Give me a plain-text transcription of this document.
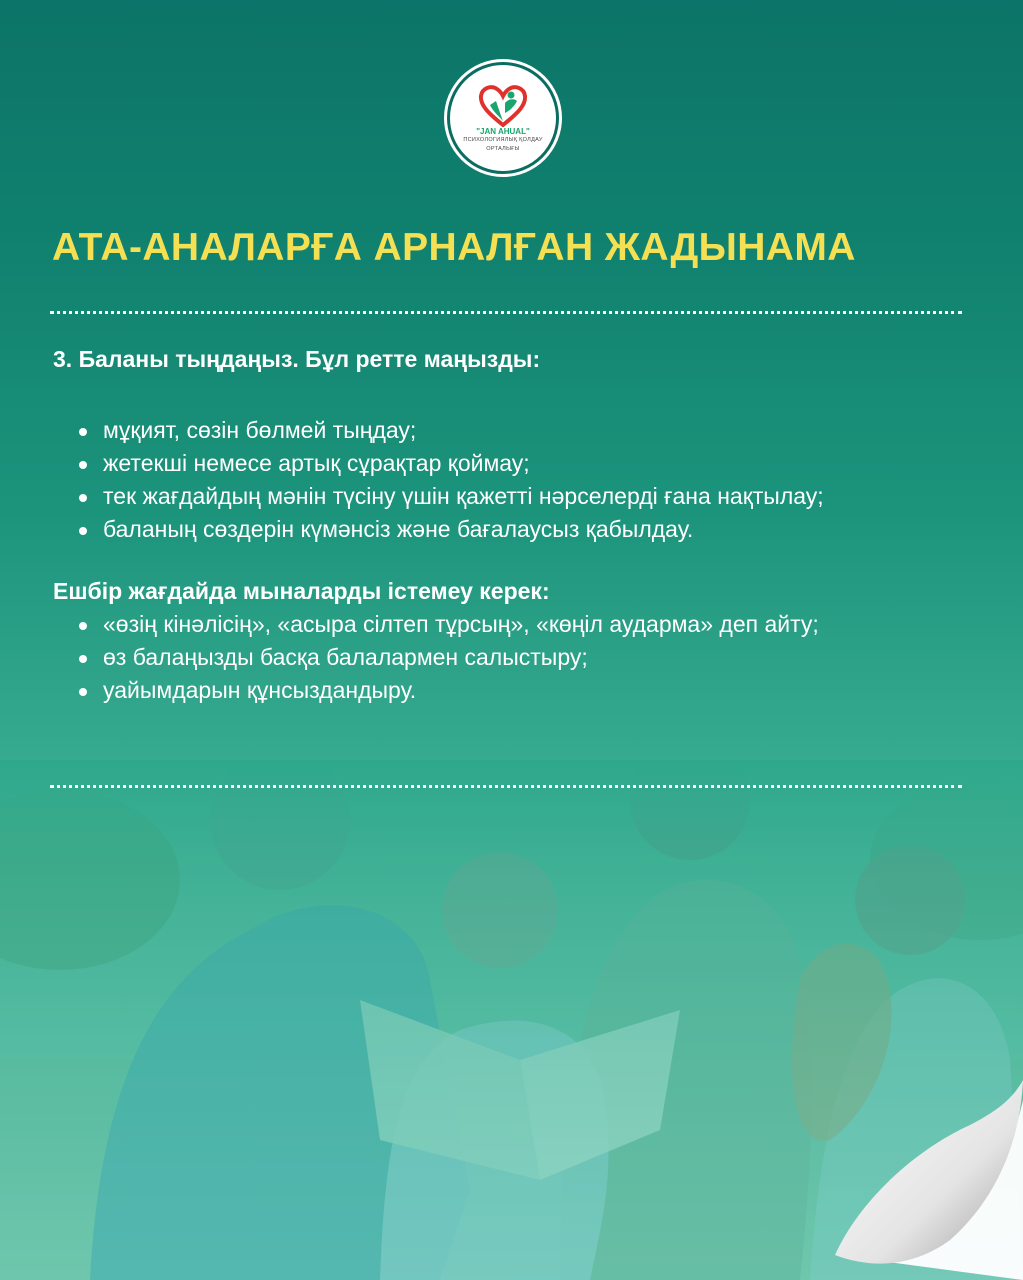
"JAN AHUAL"
ПСИХОЛОГИЯЛЫҚ ҚОЛДАУ ОРТАЛЫҒЫ
АТА-АНАЛАРҒА АРНАЛҒАН ЖАДЫНАМА

3. Баланы тыңдаңыз. Бұл ретте маңызды:

мұқият, сөзін бөлмей тыңдау;
жетекші немесе артық сұрақтар қоймау;
тек жағдайдың мәнін түсіну үшін қажетті нәрселерді ғана нақтылау;
баланың сөздерін күмәнсіз және бағалаусыз қабылдау.

Ешбір жағдайда мыналарды істемеу керек:

«өзің кінәлісің», «асыра сілтеп тұрсың», «көңіл аударма» деп айту;
өз балаңызды басқа балалармен салыстыру;
уайымдарын құнсыздандыру.
